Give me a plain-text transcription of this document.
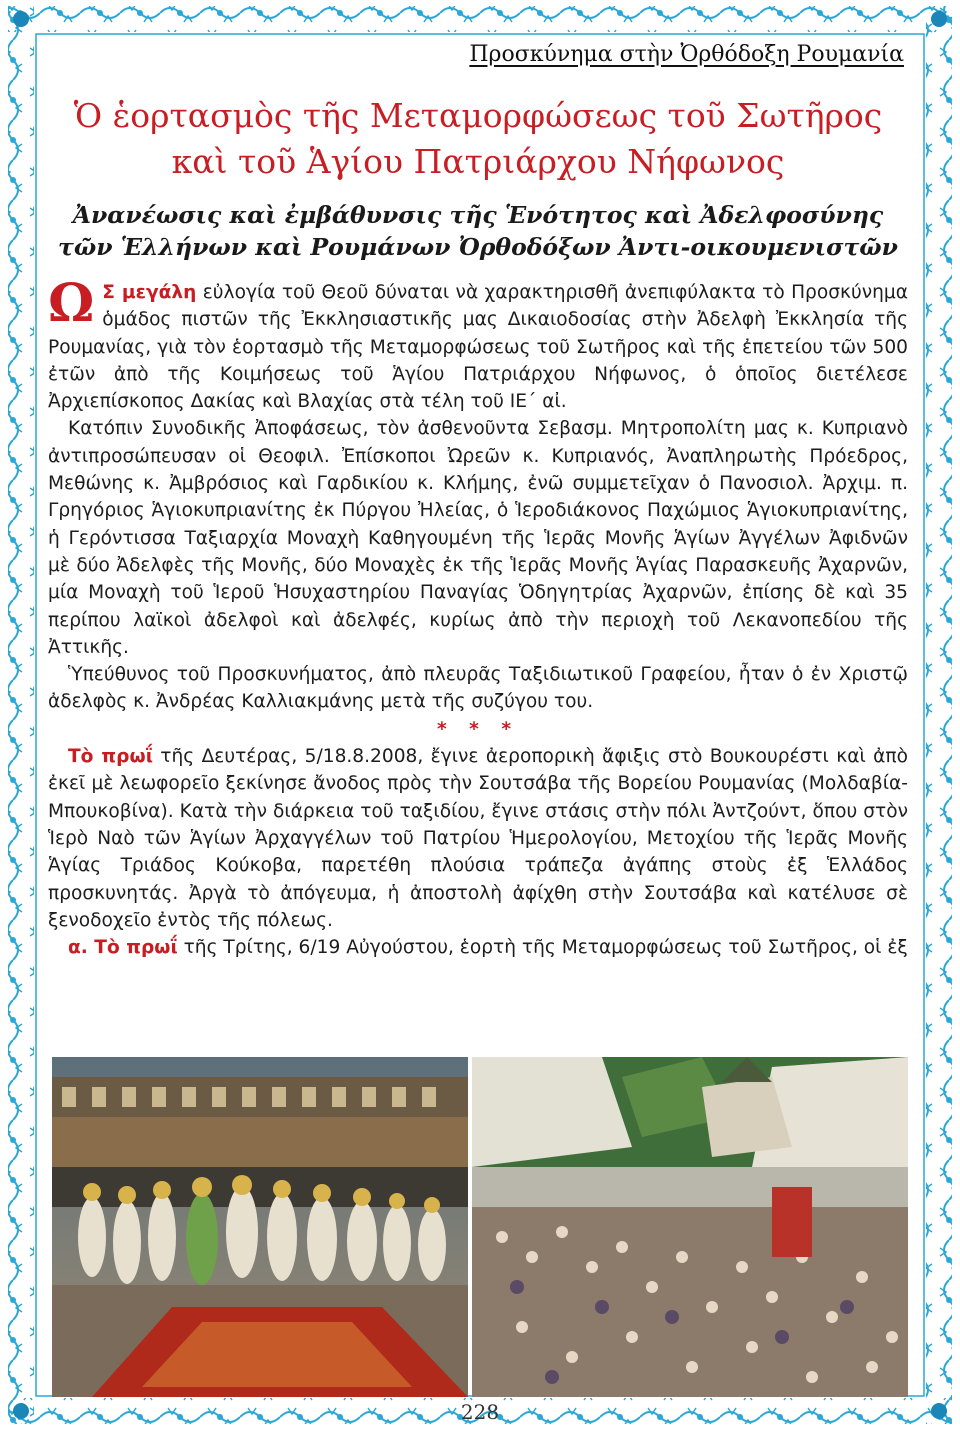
Προσκύνημα στὴν Ὀρθόδοξη Ρουμανία
Ὁ ἑορτασμὸς τῆς Μεταμορφώσεως τοῦ Σωτῆρος
καὶ τοῦ Ἁγίου Πατριάρχου Νήφωνος
Ἀνανέωσις καὶ ἐμβάθυνσις τῆς Ἑνότητος καὶ Ἀδελφοσύνης
τῶν Ἑλλήνων καὶ Ρουμάνων Ὀρθοδόξων Ἀντι-οικουμενιστῶν

Ω Σ μεγάλη εὐλογία τοῦ Θεοῦ δύναται νὰ χαρακτηρισθῆ ἀνεπιφύλακτα τὸ Προσκύνημα ὁμάδος πιστῶν τῆς Ἐκκλησιαστικῆς μας Δικαιοδοσίας στὴν Ἀδελφὴ Ἐκκλησία τῆς Ρουμανίας, γιὰ τὸν ἑορτασμὸ τῆς Μεταμορφώσεως τοῦ Σωτῆρος καὶ τῆς ἐπετείου τῶν 500 ἐτῶν ἀπὸ τῆς Κοιμήσεως τοῦ Ἁγίου Πατριάρχου Νήφωνος, ὁ ὁποῖος διετέλεσε Ἀρχιεπίσκοπος Δακίας καὶ Βλαχίας στὰ τέλη τοῦ ΙΕ´ αἰ.

Κατόπιν Συνοδικῆς Ἀποφάσεως, τὸν ἀσθενοῦντα Σεβασμ. Μητροπολίτη μας κ. Κυπριανὸ ἀντιπροσώπευσαν οἱ Θεοφιλ. Ἐπίσκοποι Ὠρεῶν κ. Κυπριανός, Ἀναπληρωτὴς Πρόεδρος, Μεθώνης κ. Ἀμβρόσιος καὶ Γαρδικίου κ. Κλήμης, ἐνῶ συμμετεῖχαν ὁ Πανοσιολ. Ἀρχιμ. π. Γρηγόριος Ἁγιοκυπριανίτης ἐκ Πύργου Ἠλείας, ὁ Ἱεροδιάκονος Παχώμιος Ἁγιοκυπριανίτης, ἡ Γερόντισσα Ταξιαρχία Μοναχὴ Καθηγουμένη τῆς Ἱερᾶς Μονῆς Ἁγίων Ἀγγέλων Ἀφιδνῶν μὲ δύο Ἀδελφὲς τῆς Μονῆς, δύο Μοναχὲς ἐκ τῆς Ἱερᾶς Μονῆς Ἁγίας Παρασκευῆς Ἀχαρνῶν, μία Μοναχὴ τοῦ Ἱεροῦ Ἡσυχαστηρίου Παναγίας Ὁδηγητρίας Ἀχαρνῶν, ἐπίσης δὲ καὶ 35 περίπου λαϊκοὶ ἀδελφοὶ καὶ ἀδελφές, κυρίως ἀπὸ τὴν περιοχὴ τοῦ Λεκανοπεδίου τῆς Ἀττικῆς.

Ὑπεύθυνος τοῦ Προσκυνήματος, ἀπὸ πλευρᾶς Ταξιδιωτικοῦ Γραφείου, ἦταν ὁ ἐν Χριστῷ ἀδελφὸς κ. Ἀνδρέας Καλλιακμάνης μετὰ τῆς συζύγου του.

* * *

Τὸ πρωΐ τῆς Δευτέρας, 5/18.8.2008, ἔγινε ἀεροπορικὴ ἄφιξις στὸ Βουκουρέστι καὶ ἀπὸ ἐκεῖ μὲ λεωφορεῖο ξεκίνησε ἄνοδος πρὸς τὴν Σουτσάβα τῆς Βορείου Ρουμανίας (Μολδαβία-Μπουκοβίνα). Κατὰ τὴν διάρκεια τοῦ ταξιδίου, ἔγινε στάσις στὴν πόλι Ἀντζούντ, ὅπου στὸν Ἱερὸ Ναὸ τῶν Ἁγίων Ἀρχαγγέλων τοῦ Πατρίου Ἡμερολογίου, Μετοχίου τῆς Ἱερᾶς Μονῆς Ἁγίας Τριάδος Κούκοβα, παρετέθη πλούσια τράπεζα ἀγάπης στοὺς ἐξ Ἑλλάδος προσκυνητάς. Ἀργὰ τὸ ἀπόγευμα, ἡ ἀποστολὴ ἀφίχθη στὴν Σουτσάβα καὶ κατέλυσε σὲ ξενοδοχεῖο ἐντὸς τῆς πόλεως.

α. Τὸ πρωΐ τῆς Τρίτης, 6/19 Αὐγούστου, ἑορτὴ τῆς Μεταμορφώσεως τοῦ Σωτῆρος, οἱ ἐξ

228
